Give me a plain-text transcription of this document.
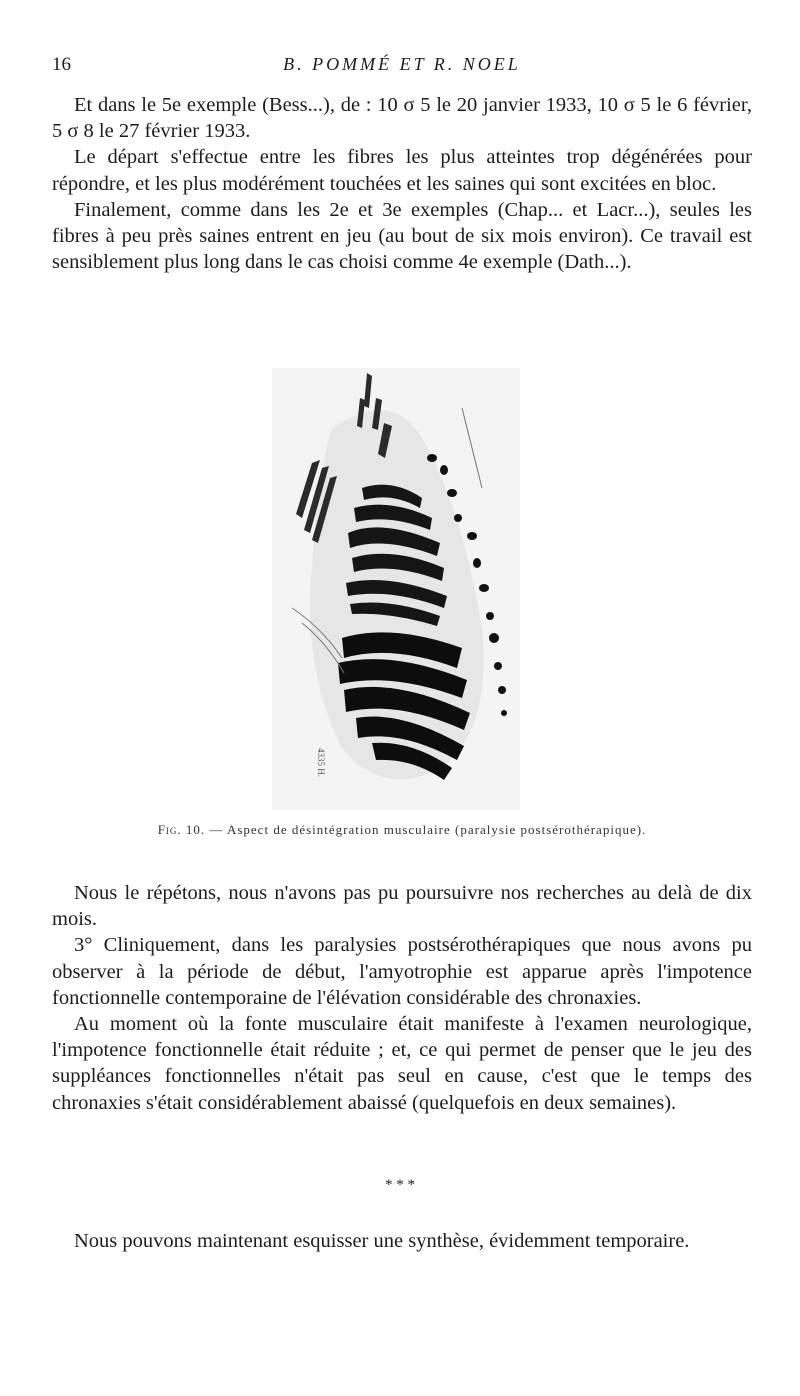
16	B. POMMÉ ET R. NOEL

Et dans le 5e exemple (Bess...), de : 10 σ 5 le 20 janvier 1933, 10 σ 5 le 6 février, 5 σ 8 le 27 février 1933.

Le départ s'effectue entre les fibres les plus atteintes trop dégénérées pour répondre, et les plus modérément touchées et les saines qui sont excitées en bloc.

Finalement, comme dans les 2e et 3e exemples (Chap... et Lacr...), seules les fibres à peu près saines entrent en jeu (au bout de six mois environ). Ce travail est sensiblement plus long dans le cas choisi comme 4e exemple (Dath...).

4335 H.
Fig. 10. — Aspect de désintégration musculaire (paralysie postsérothérapique).

Nous le répétons, nous n'avons pas pu poursuivre nos recherches au delà de dix mois.

3° Cliniquement, dans les paralysies postsérothérapiques que nous avons pu observer à la période de début, l'amyotrophie est apparue après l'impotence fonctionnelle contemporaine de l'élévation considérable des chronaxies.

Au moment où la fonte musculaire était manifeste à l'examen neurologique, l'impotence fonctionnelle était réduite ; et, ce qui permet de penser que le jeu des suppléances fonctionnelles n'était pas seul en cause, c'est que le temps des chronaxies s'était considérablement abaissé (quelquefois en deux semaines).

* * *

Nous pouvons maintenant esquisser une synthèse, évidemment temporaire.
